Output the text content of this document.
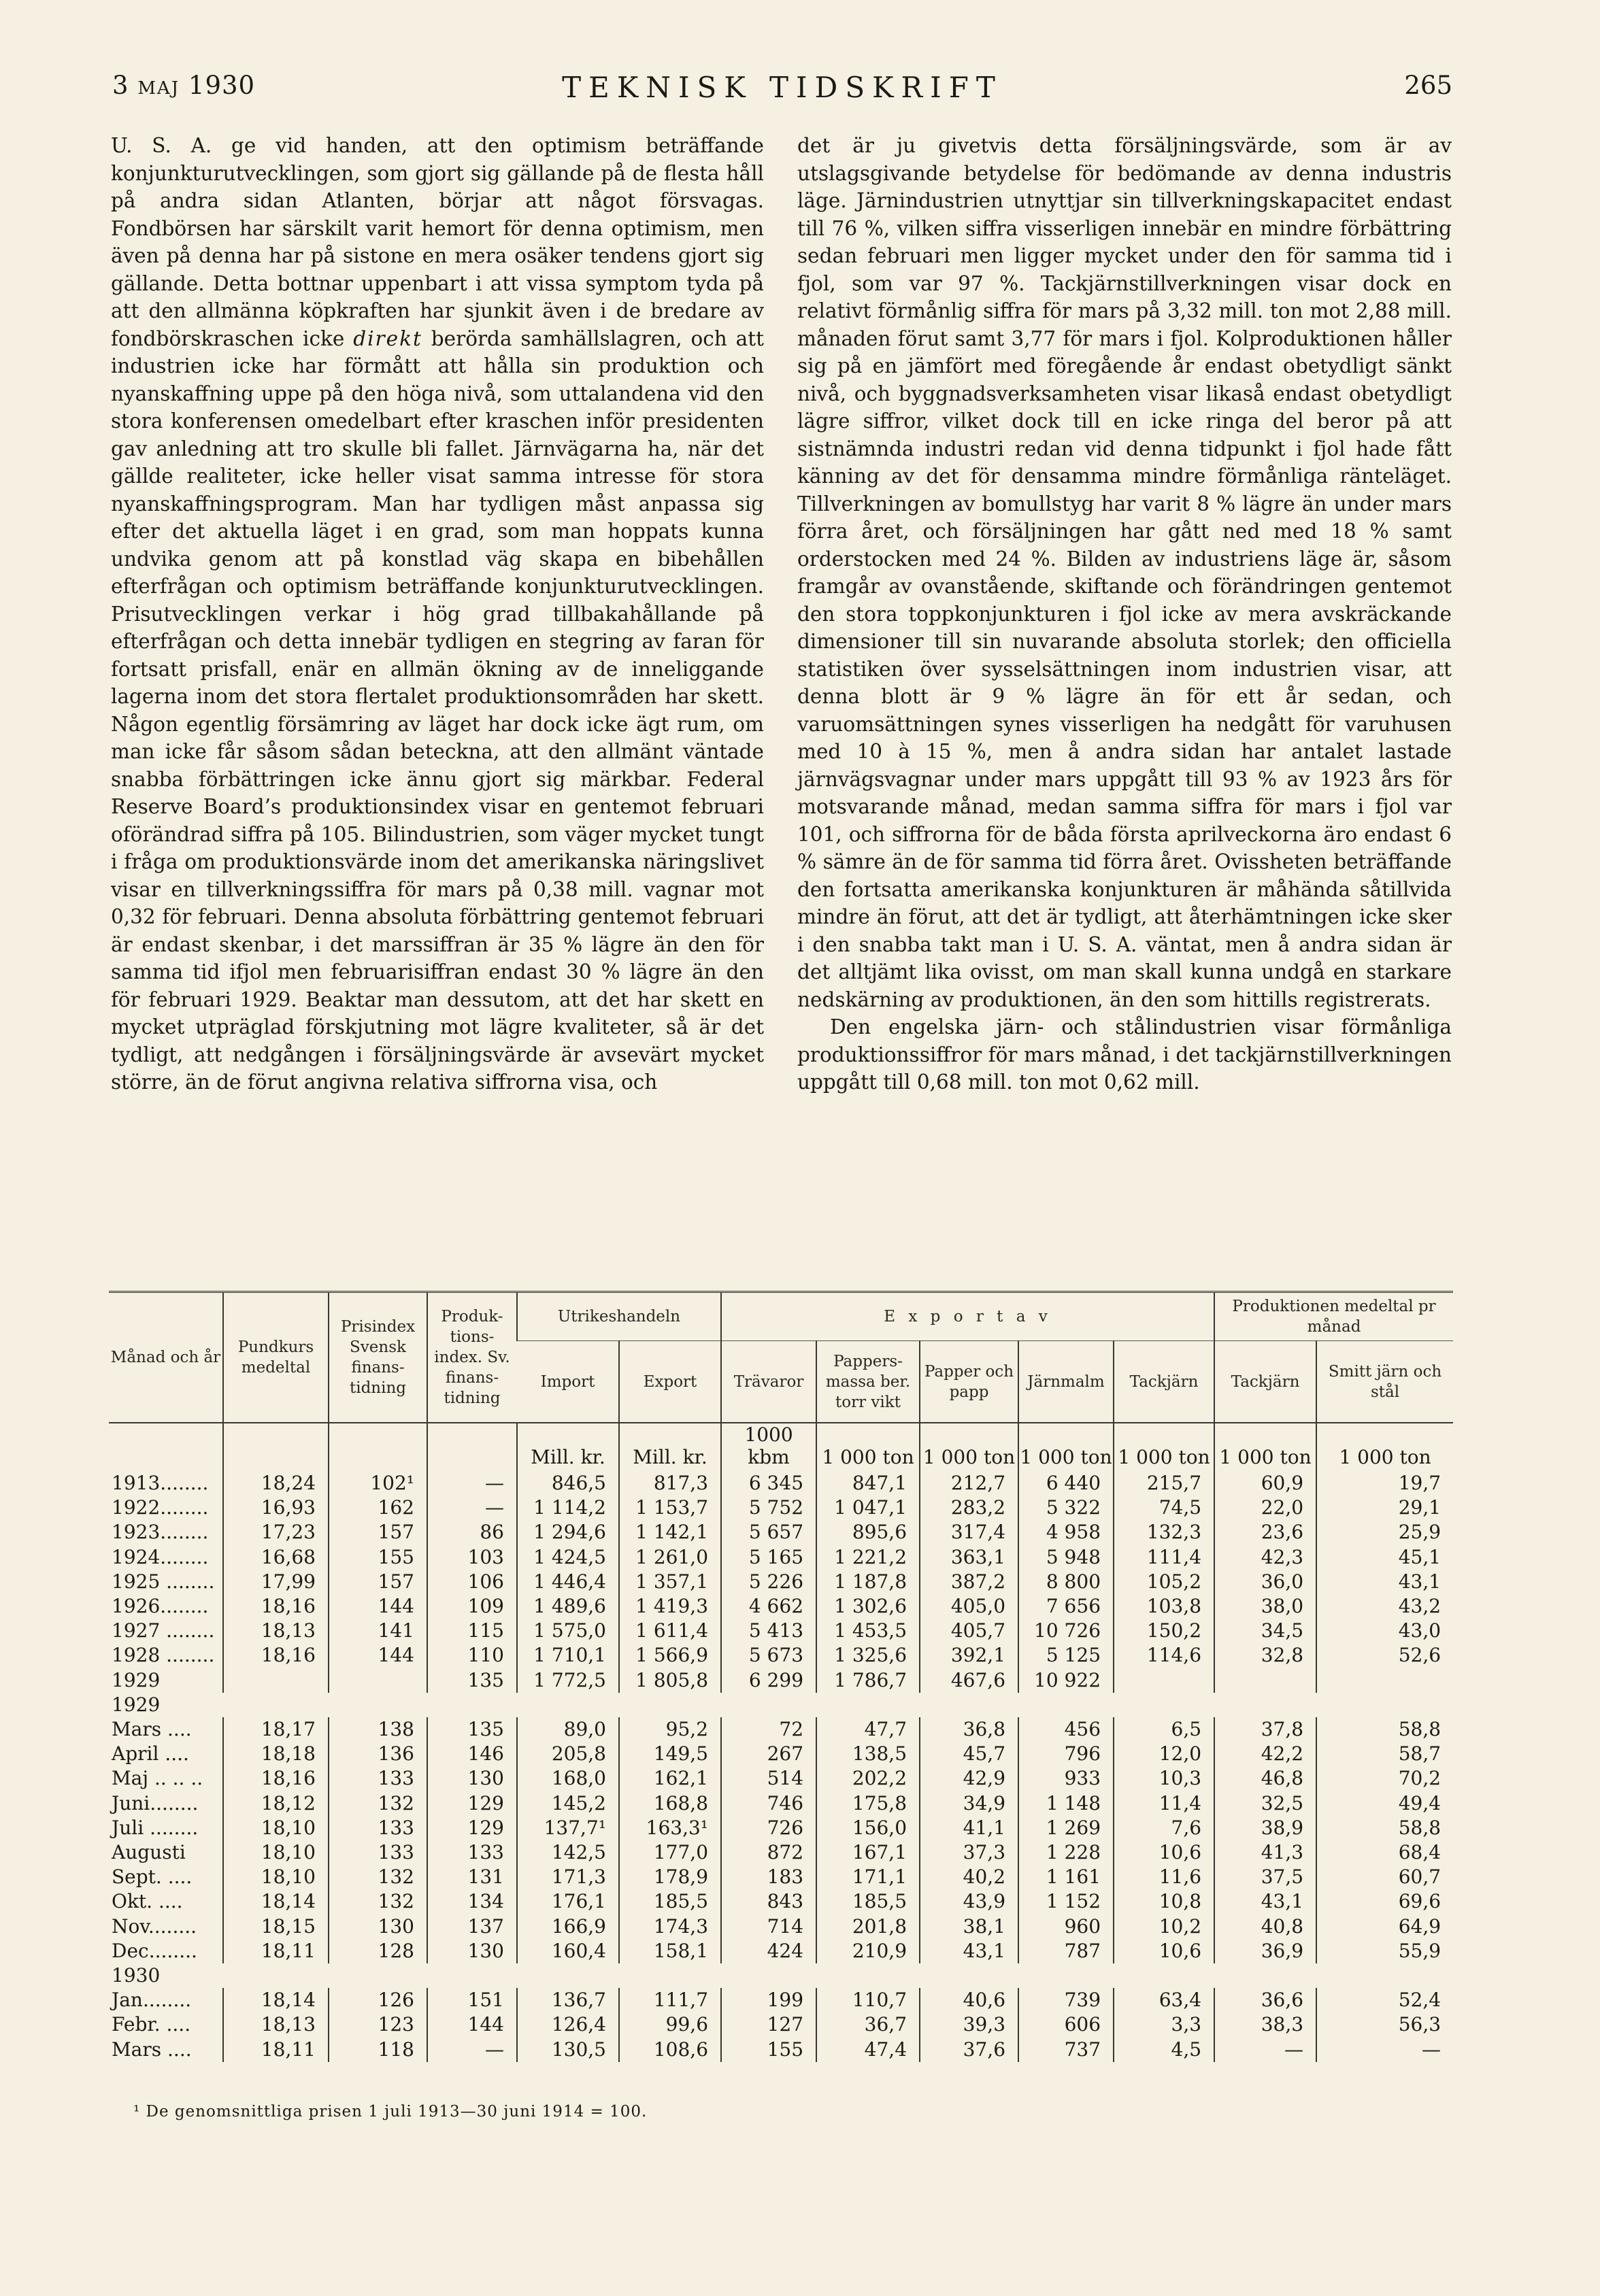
3 MAJ 1930	TEKNISK TIDSKRIFT	265

U. S. A. ge vid handen, att den optimism beträffande konjunkturutvecklingen, som gjort sig gällande på de flesta håll på andra sidan Atlanten, börjar att något försvagas. Fondbörsen har särskilt varit hemort för denna optimism, men även på denna har på sistone en mera osäker tendens gjort sig gällande. Detta bottnar uppenbart i att vissa symptom tyda på att den allmänna köpkraften har sjunkit även i de bredare av fondbörskraschen icke direkt berörda samhällslagren, och att industrien icke har förmått att hålla sin produktion och nyanskaffning uppe på den höga nivå, som uttalandena vid den stora konferensen omedelbart efter kraschen inför presidenten gav anledning att tro skulle bli fallet. Järnvägarna ha, när det gällde realiteter, icke heller visat samma intresse för stora nyanskaffningsprogram. Man har tydligen måst anpassa sig efter det aktuella läget i en grad, som man hoppats kunna undvika genom att på konstlad väg skapa en bibehållen efterfrågan och optimism beträffande konjunkturutvecklingen. Prisutvecklingen verkar i hög grad tillbakahållande på efterfrågan och detta innebär tydligen en stegring av faran för fortsatt prisfall, enär en allmän ökning av de inneliggande lagerna inom det stora flertalet produktionsområden har skett. Någon egentlig försämring av läget har dock icke ägt rum, om man icke får såsom sådan beteckna, att den allmänt väntade snabba förbättringen icke ännu gjort sig märkbar. Federal Reserve Board’s produktionsindex visar en gentemot februari oförändrad siffra på 105. Bilindustrien, som väger mycket tungt i fråga om produktionsvärde inom det amerikanska näringslivet visar en tillverkningssiffra för mars på 0,38 mill. vagnar mot 0,32 för februari. Denna absoluta förbättring gentemot februari är endast skenbar, i det marssiffran är 35 % lägre än den för samma tid ifjol men februarisiffran endast 30 % lägre än den för februari 1929. Beaktar man dessutom, att det har skett en mycket utpräglad förskjutning mot lägre kvaliteter, så är det tydligt, att nedgången i försäljningsvärde är avsevärt mycket större, än de förut angivna relativa siffrorna visa, och

det är ju givetvis detta försäljningsvärde, som är av utslagsgivande betydelse för bedömande av denna industris läge. Järnindustrien utnyttjar sin tillverkningskapacitet endast till 76 %, vilken siffra visserligen innebär en mindre förbättring sedan februari men ligger mycket under den för samma tid i fjol, som var 97 %. Tackjärnstillverkningen visar dock en relativt förmånlig siffra för mars på 3,32 mill. ton mot 2,88 mill. månaden förut samt 3,77 för mars i fjol. Kolproduktionen håller sig på en jämfört med föregående år endast obetydligt sänkt nivå, och byggnadsverksamheten visar likaså endast obetydligt lägre siffror, vilket dock till en icke ringa del beror på att sistnämnda industri redan vid denna tidpunkt i fjol hade fått känning av det för densamma mindre förmånliga ränteläget. Tillverkningen av bomullstyg har varit 8 % lägre än under mars förra året, och försäljningen har gått ned med 18 % samt orderstocken med 24 %. Bilden av industriens läge är, såsom framgår av ovanstående, skiftande och förändringen gentemot den stora toppkonjunkturen i fjol icke av mera avskräckande dimensioner till sin nuvarande absoluta storlek; den officiella statistiken över sysselsättningen inom industrien visar, att denna blott är 9 % lägre än för ett år sedan, och varuomsättningen synes visserligen ha nedgått för varuhusen med 10 à 15 %, men å andra sidan har antalet lastade järnvägsvagnar under mars uppgått till 93 % av 1923 års för motsvarande månad, medan samma siffra för mars i fjol var 101, och siffrorna för de båda första aprilveckorna äro endast 6 % sämre än de för samma tid förra året. Ovissheten beträffande den fortsatta amerikanska konjunkturen är måhända såtillvida mindre än förut, att det är tydligt, att återhämtningen icke sker i den snabba takt man i U. S. A. väntat, men å andra sidan är det alltjämt lika ovisst, om man skall kunna undgå en starkare nedskärning av produktionen, än den som hittills registrerats.

Den engelska järn- och stålindustrien visar förmånliga produktionssiffror för mars månad, i det tackjärnstillverkningen uppgått till 0,68 mill. ton mot 0,62 mill.

Månad och år	Pundkurs medeltal	Prisindex Svensk finans-tidning	Produk-tions-index. Sv. finans-tidning	Utrikeshandeln		E x p o r t a v					Produktionen medeltal pr månad	
				Import	Export	Trävaror	Pappersmassa ber. torr vikt	Papper och papp	Järnmalm	Tackjärn	Tackjärn	Smitt järn och stål
				Mill. kr.	Mill. kr.	1000 kbm	1 000 ton	1 000 ton	1 000 ton	1 000 ton	1 000 ton	1 000 ton
1913........	18,24	102¹	—	846,5	817,3	6 345	847,1	212,7	6 440	215,7	60,9	19,7
1922........	16,93	162	—	1 114,2	1 153,7	5 752	1 047,1	283,2	5 322	74,5	22,0	29,1
1923........	17,23	157	86	1 294,6	1 142,1	5 657	895,6	317,4	4 958	132,3	23,6	25,9
1924........	16,68	155	103	1 424,5	1 261,0	5 165	1 221,2	363,1	5 948	111,4	42,3	45,1
1925 ........	17,99	157	106	1 446,4	1 357,1	5 226	1 187,8	387,2	8 800	105,2	36,0	43,1
1926........	18,16	144	109	1 489,6	1 419,3	4 662	1 302,6	405,0	7 656	103,8	38,0	43,2
1927 ........	18,13	141	115	1 575,0	1 611,4	5 413	1 453,5	405,7	10 726	150,2	34,5	43,0
1928 ........	18,16	144	110	1 710,1	1 566,9	5 673	1 325,6	392,1	5 125	114,6	32,8	52,6
1929			135	1 772,5	1 805,8	6 299	1 786,7	467,6	10 922			
1929												
Mars ....	18,17	138	135	89,0	95,2	72	47,7	36,8	456	6,5	37,8	58,8
April ....	18,18	136	146	205,8	149,5	267	138,5	45,7	796	12,0	42,2	58,7
Maj .. .. ..	18,16	133	130	168,0	162,1	514	202,2	42,9	933	10,3	46,8	70,2
Juni........	18,12	132	129	145,2	168,8	746	175,8	34,9	1 148	11,4	32,5	49,4
Juli ........	18,10	133	129	137,7¹	163,3¹	726	156,0	41,1	1 269	7,6	38,9	58,8
Augusti	18,10	133	133	142,5	177,0	872	167,1	37,3	1 228	10,6	41,3	68,4
Sept. ....	18,10	132	131	171,3	178,9	183	171,1	40,2	1 161	11,6	37,5	60,7
Okt. ....	18,14	132	134	176,1	185,5	843	185,5	43,9	1 152	10,8	43,1	69,6
Nov........	18,15	130	137	166,9	174,3	714	201,8	38,1	960	10,2	40,8	64,9
Dec........	18,11	128	130	160,4	158,1	424	210,9	43,1	787	10,6	36,9	55,9
1930												
Jan........	18,14	126	151	136,7	111,7	199	110,7	40,6	739	63,4	36,6	52,4
Febr. ....	18,13	123	144	126,4	99,6	127	36,7	39,3	606	3,3	38,3	56,3
Mars ....	18,11	118	—	130,5	108,6	155	47,4	37,6	737	4,5	—	—
¹ De genomsnittliga prisen 1 juli 1913—30 juni 1914 = 100.
